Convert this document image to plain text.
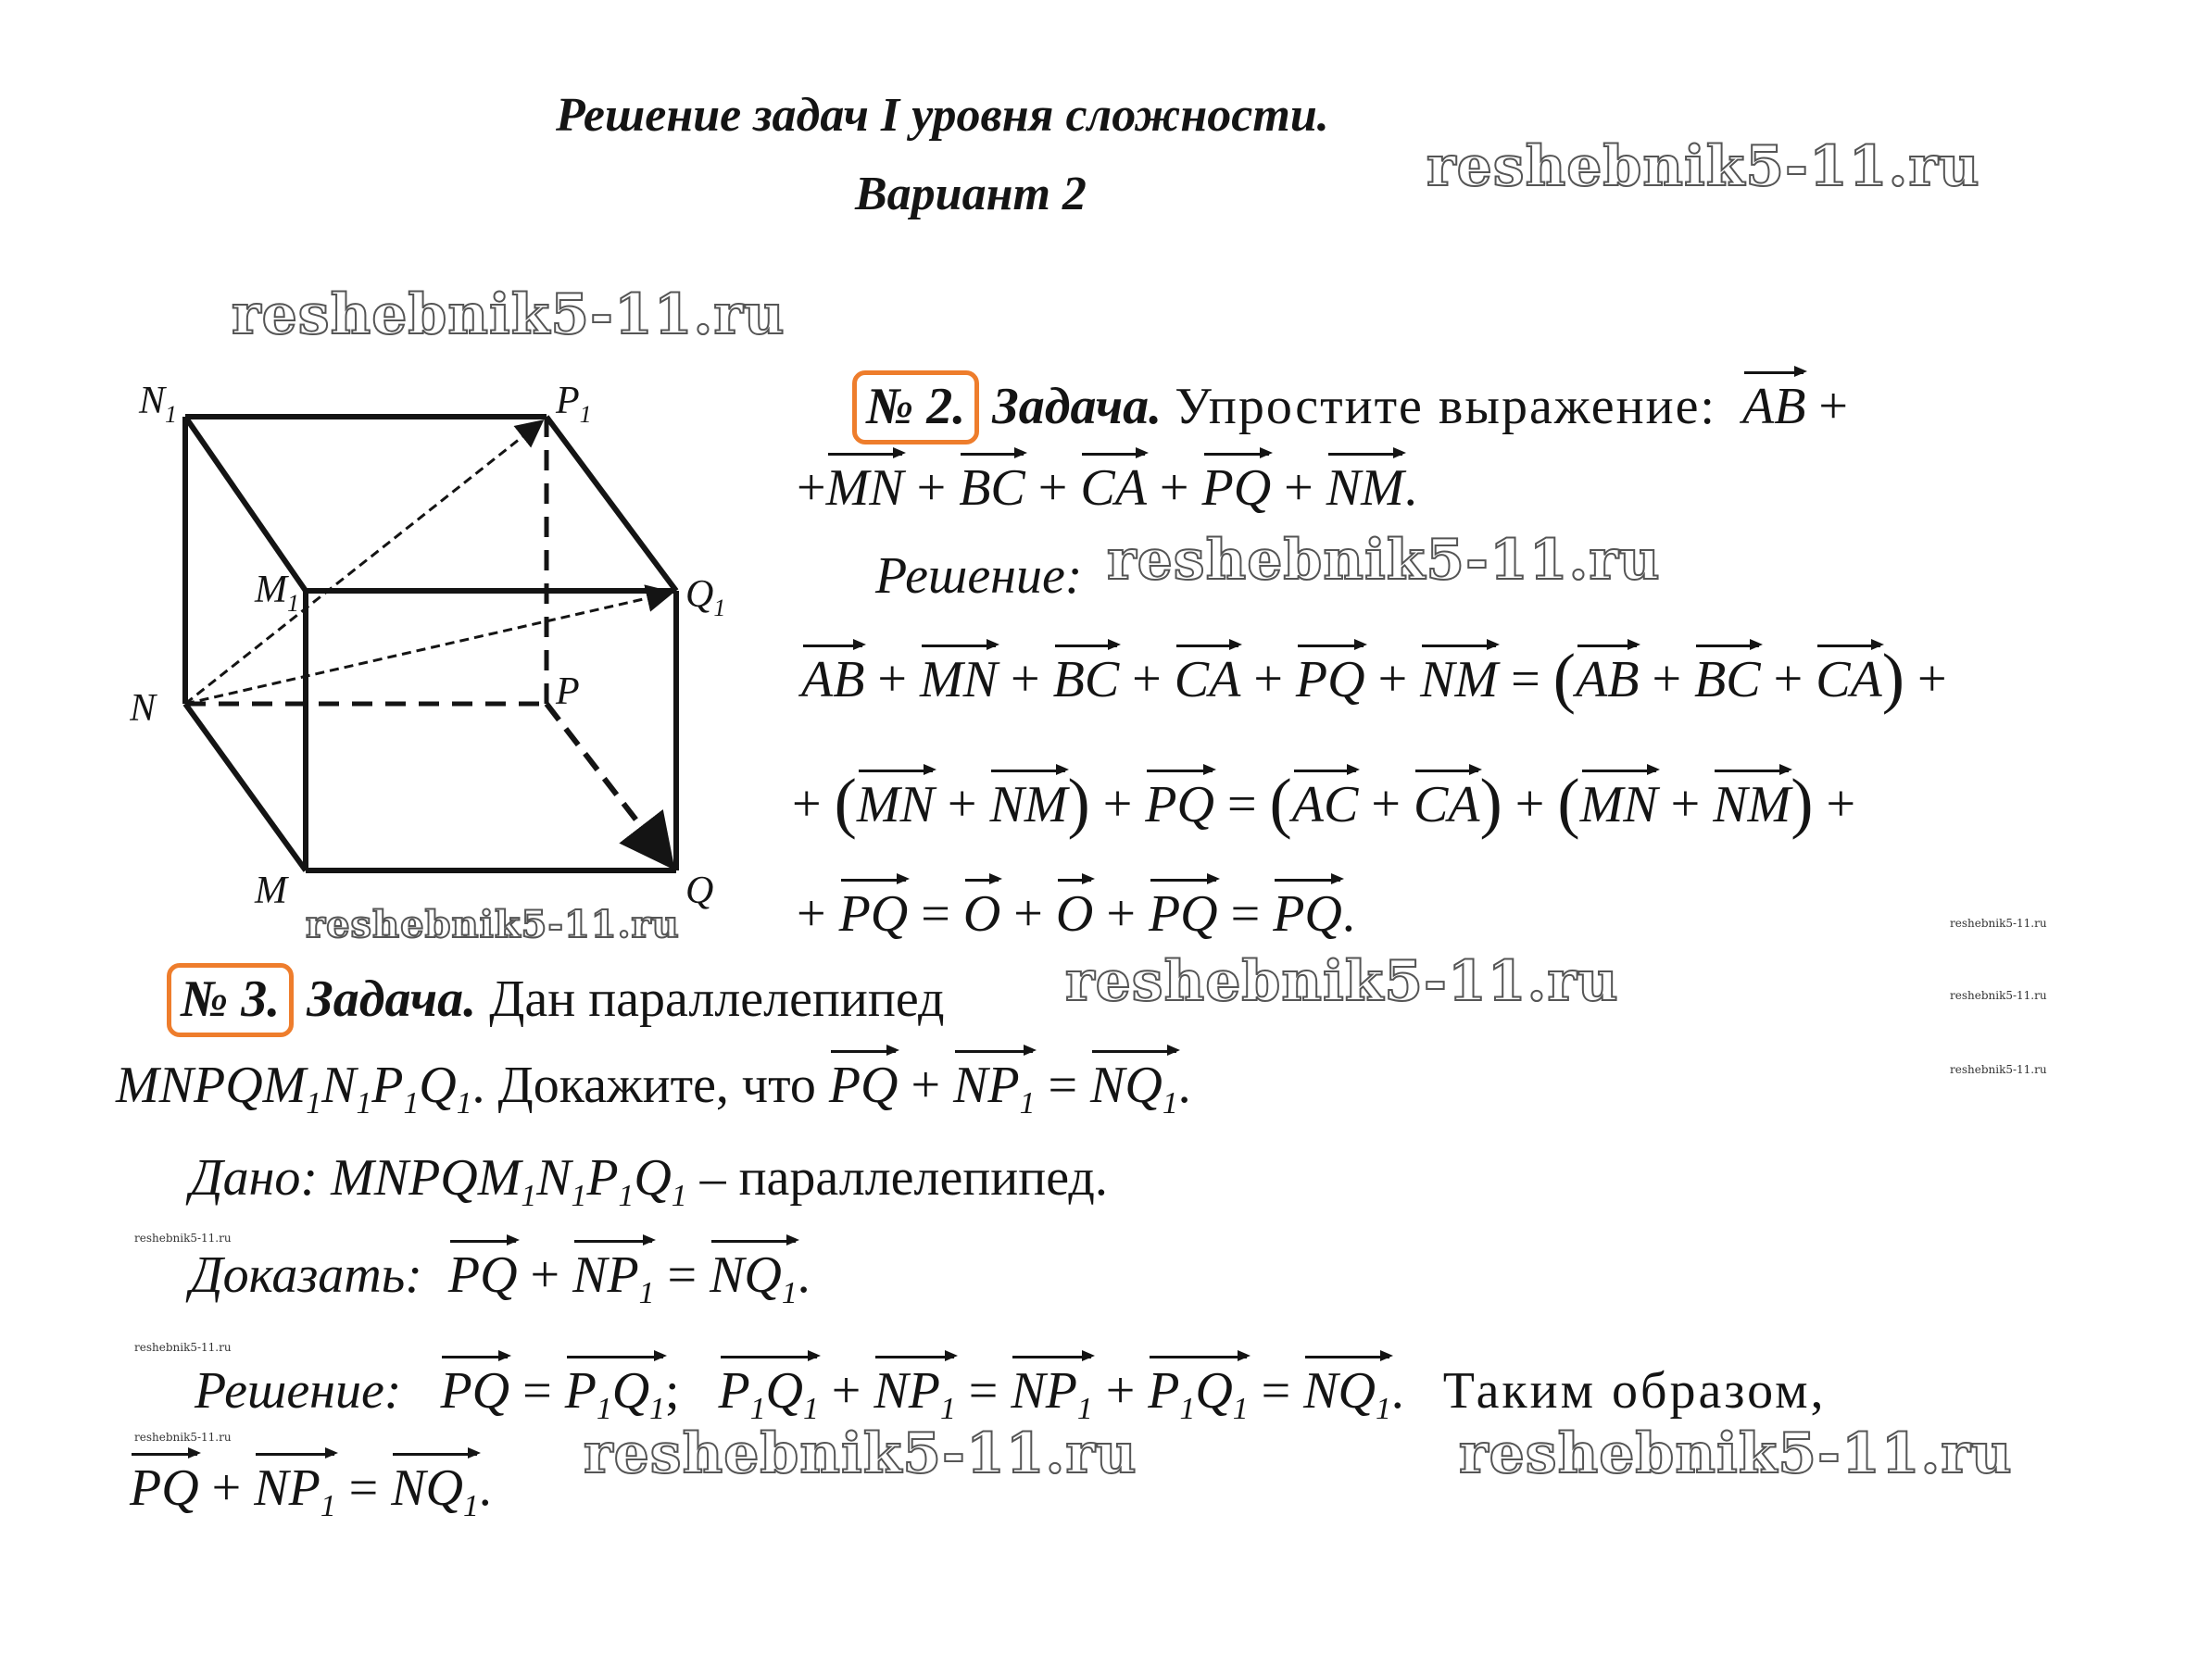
Решение задач I уровня сложности.
Вариант 2	reshebnik5-11.ru
reshebnik5-11.ru
reshebnik5-11.ru
reshebnik5-11.ru
reshebnik5-11.ru
reshebnik5-11.ru	reshebnik5-11.ru
reshebnik5-11.ru
reshebnik5-11.ru
reshebnik5-11.ru
reshebnik5-11.ru
reshebnik5-11.ru
reshebnik5-11.ru
$N_1$	$P_1$
$M_1$	$Q_1$
N	P
M	Q
№ 2. Задача. Упростите выражение: AB +
+MN + BC + CA + PQ + NM.
Решение:
AB + MN + BC + CA + PQ + NM = (AB + BC + CA) +
+ (MN + NM) + PQ = (AC + CA) + (MN + NM) +
+ PQ = O + O + PQ = PQ.
№ 3. Задача. Дан параллелепипед
$MNPQM_1N_1P_1Q_1$. Докажите, что PQ + $NP_1 = NQ_1$.
Дано: $MNPQM_1N_1P_1Q_1$ – параллелепипед.
Доказать: PQ + $NP_1 = NQ_1$.
Решение: PQ = $P_1Q_1$;   $P_1Q_1 + NP_1 = NP_1 + P_1Q_1 = NQ_1$.   Таким образом,
PQ + $NP_1 = NQ_1$.
